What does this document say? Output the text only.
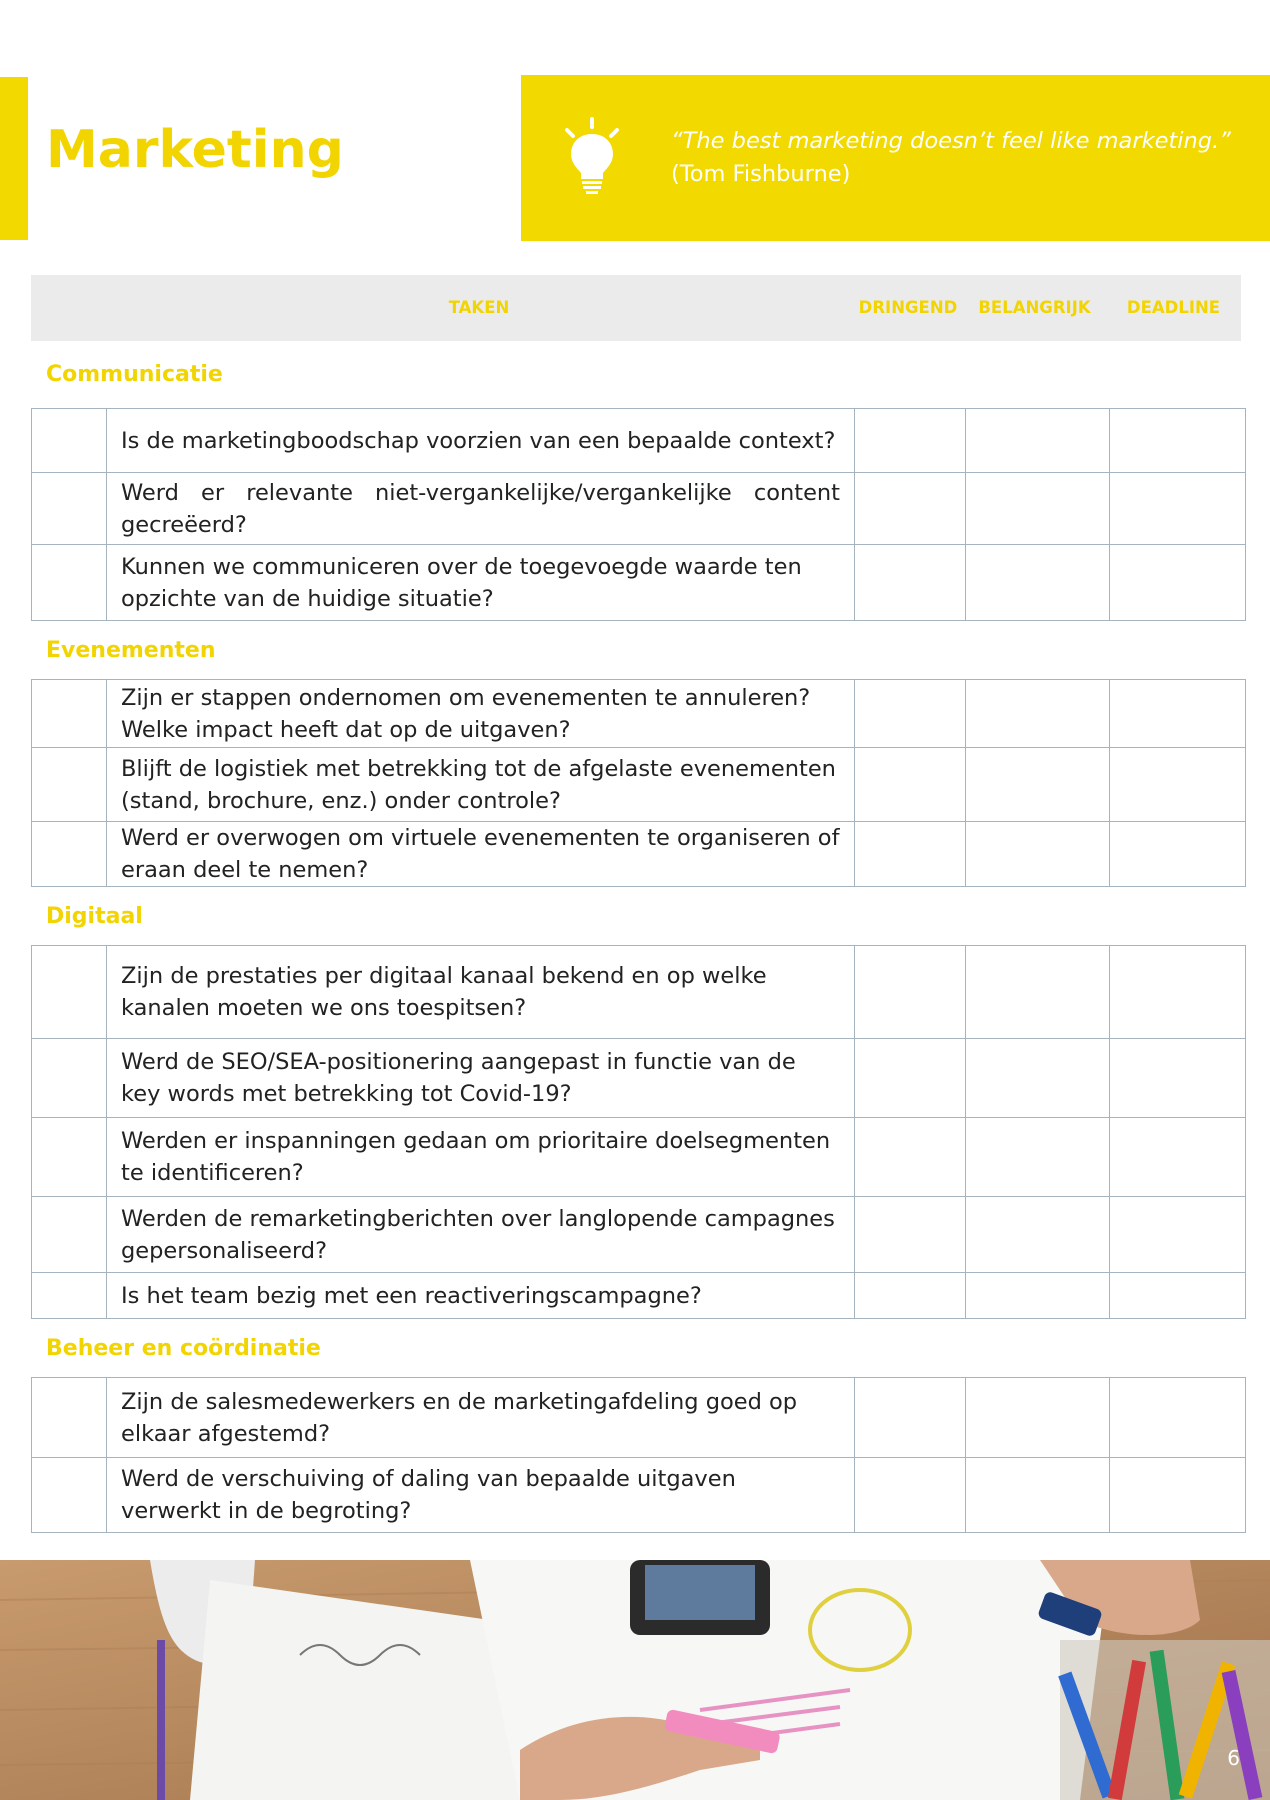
Marketing	“The best marketing doesn’t feel like marketing.”
(Tom Fishburne)
TAKEN	DRINGEND	BELANGRIJK	DEADLINE
Communicatie
	Is de marketingboodschap voorzien van een bepaalde context?			
	Werd er relevante niet-vergankelijke/vergankelijke content gecreëerd?			
	Kunnen we communiceren over de toegevoegde waarde ten opzichte van de huidige situatie?			
Evenementen
	Zijn er stappen ondernomen om evenementen te annuleren? Welke impact heeft dat op de uitgaven?			
	Blijft de logistiek met betrekking tot de afgelaste evenementen (stand, brochure, enz.) onder controle?			
	Werd er overwogen om virtuele evenementen te organiseren of eraan deel te nemen?			
Digitaal
	Zijn de prestaties per digitaal kanaal bekend en op welke kanalen moeten we ons toespitsen?			
	Werd de SEO/SEA-positionering aangepast in functie van de key words met betrekking tot Covid-19?			
	Werden er inspanningen gedaan om prioritaire doelsegmenten te identificeren?			
	Werden de remarketingberichten over langlopende campagnes gepersonaliseerd?			
	Is het team bezig met een reactiveringscampagne?			
Beheer en coördinatie
	Zijn de salesmedewerkers en de marketingafdeling goed op elkaar afgestemd?			
	Werd de verschuiving of daling van bepaalde uitgaven verwerkt in de begroting?			
6
